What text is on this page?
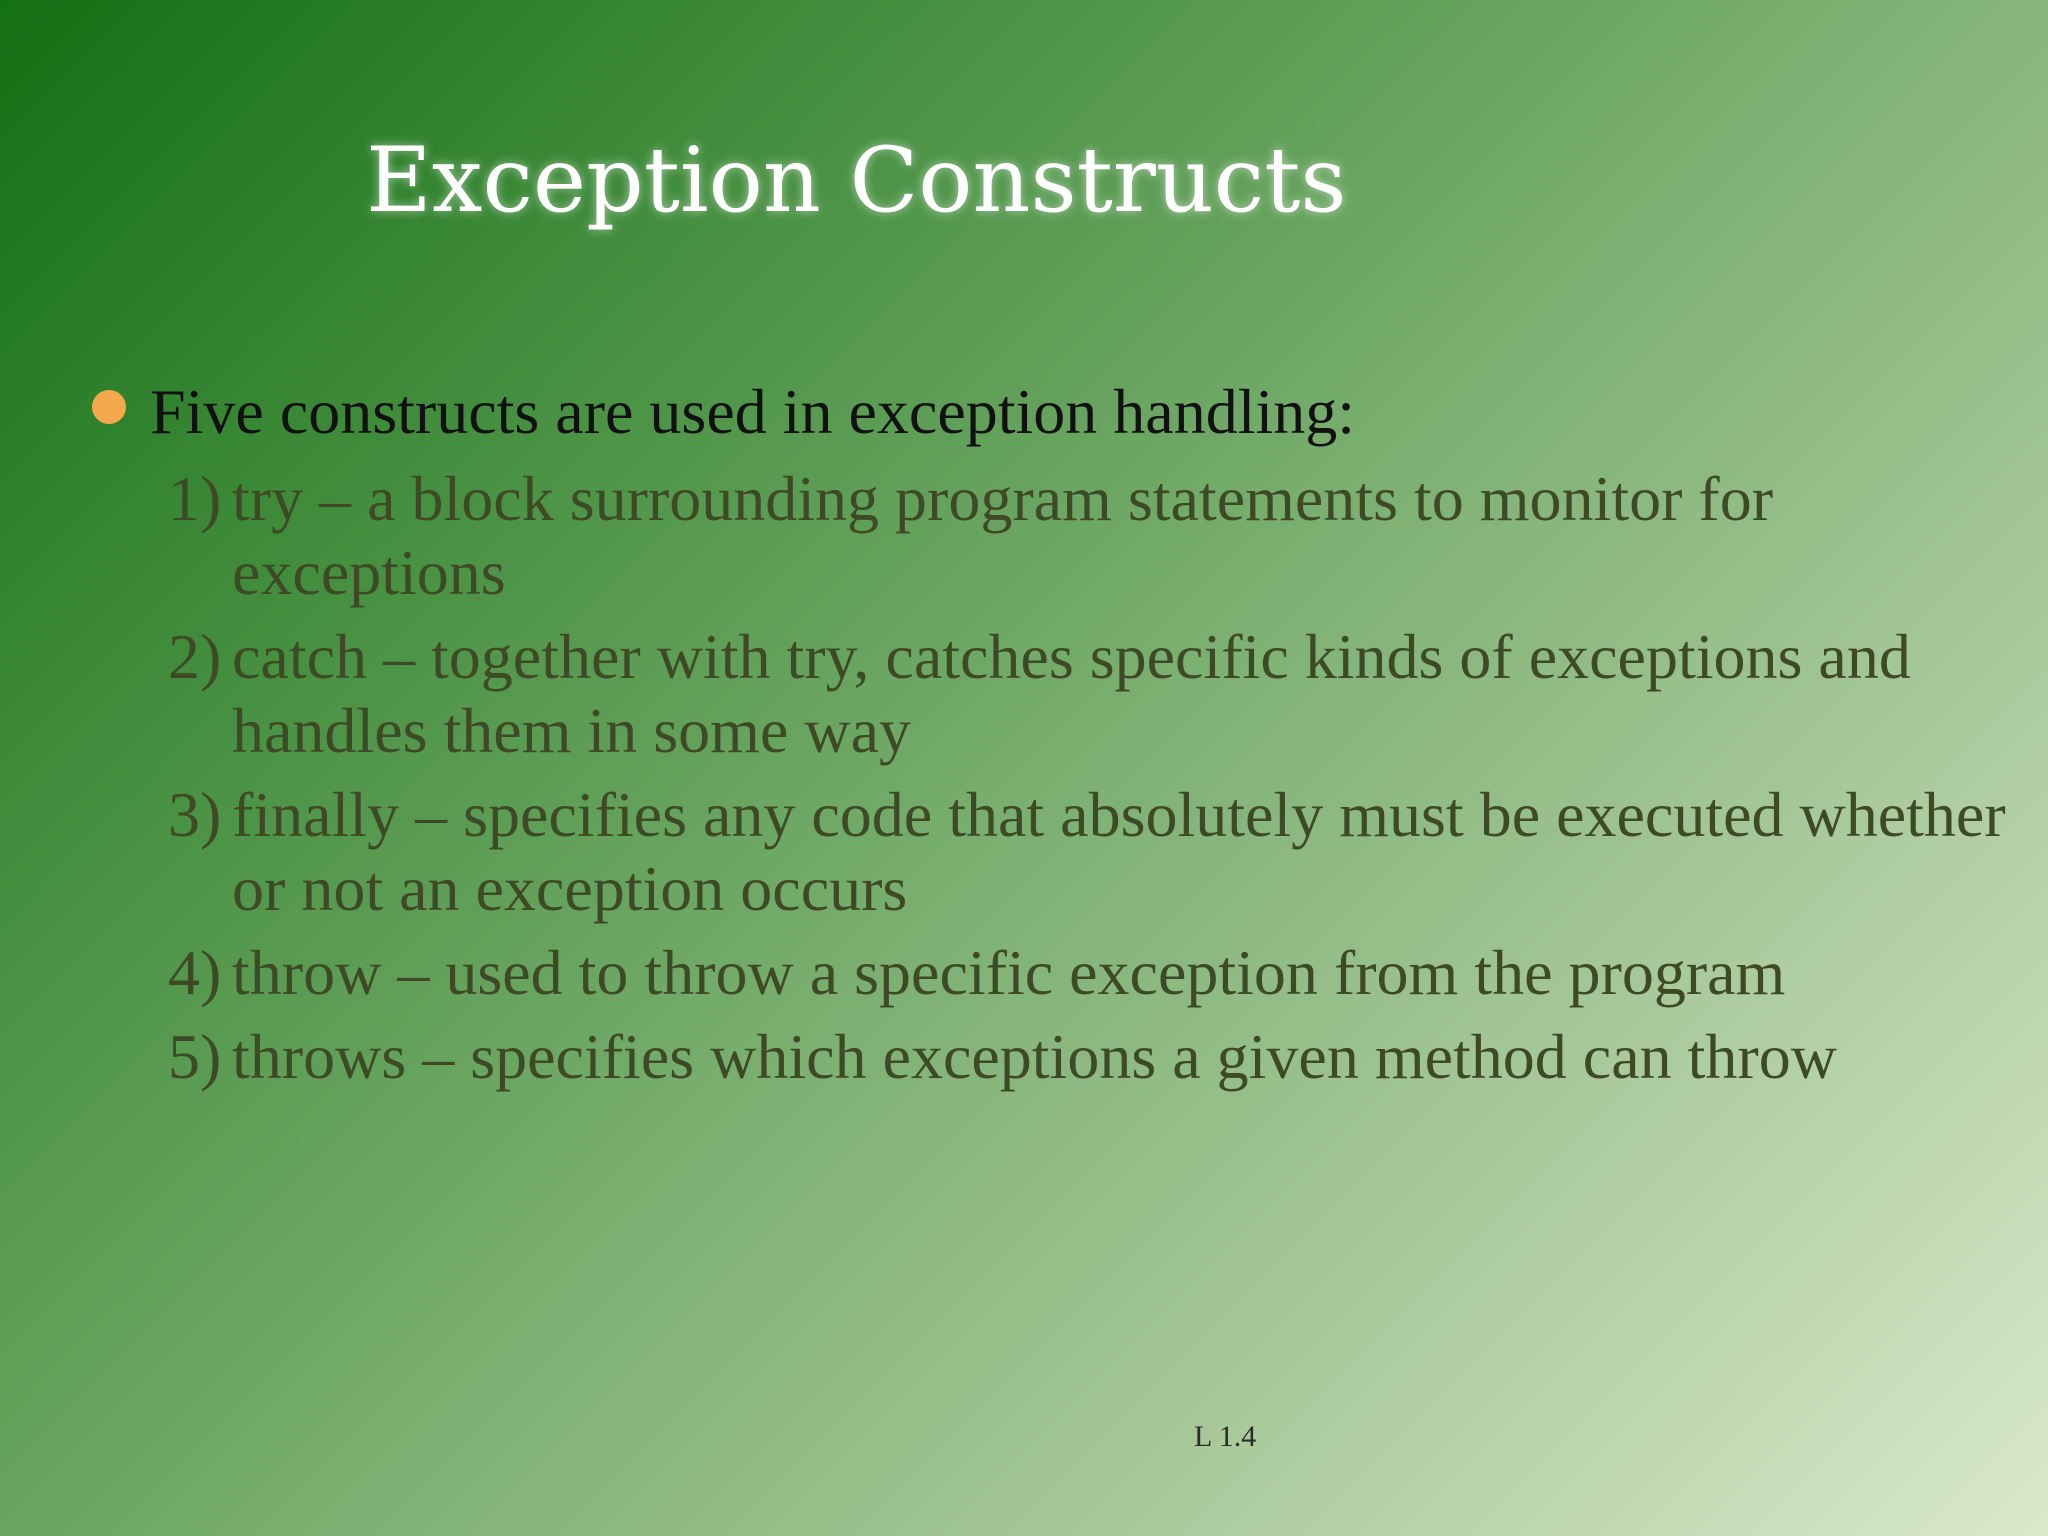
Exception Constructs
Five constructs are used in exception handling:
1) try – a block surrounding program statements to monitor for exceptions
2) catch – together with try, catches specific kinds of exceptions and handles them in some way
3) finally – specifies any code that absolutely must be executed whether or not an exception occurs
4) throw – used to throw a specific exception from the program
5) throws – specifies which exceptions a given method can throw
L 1.4
